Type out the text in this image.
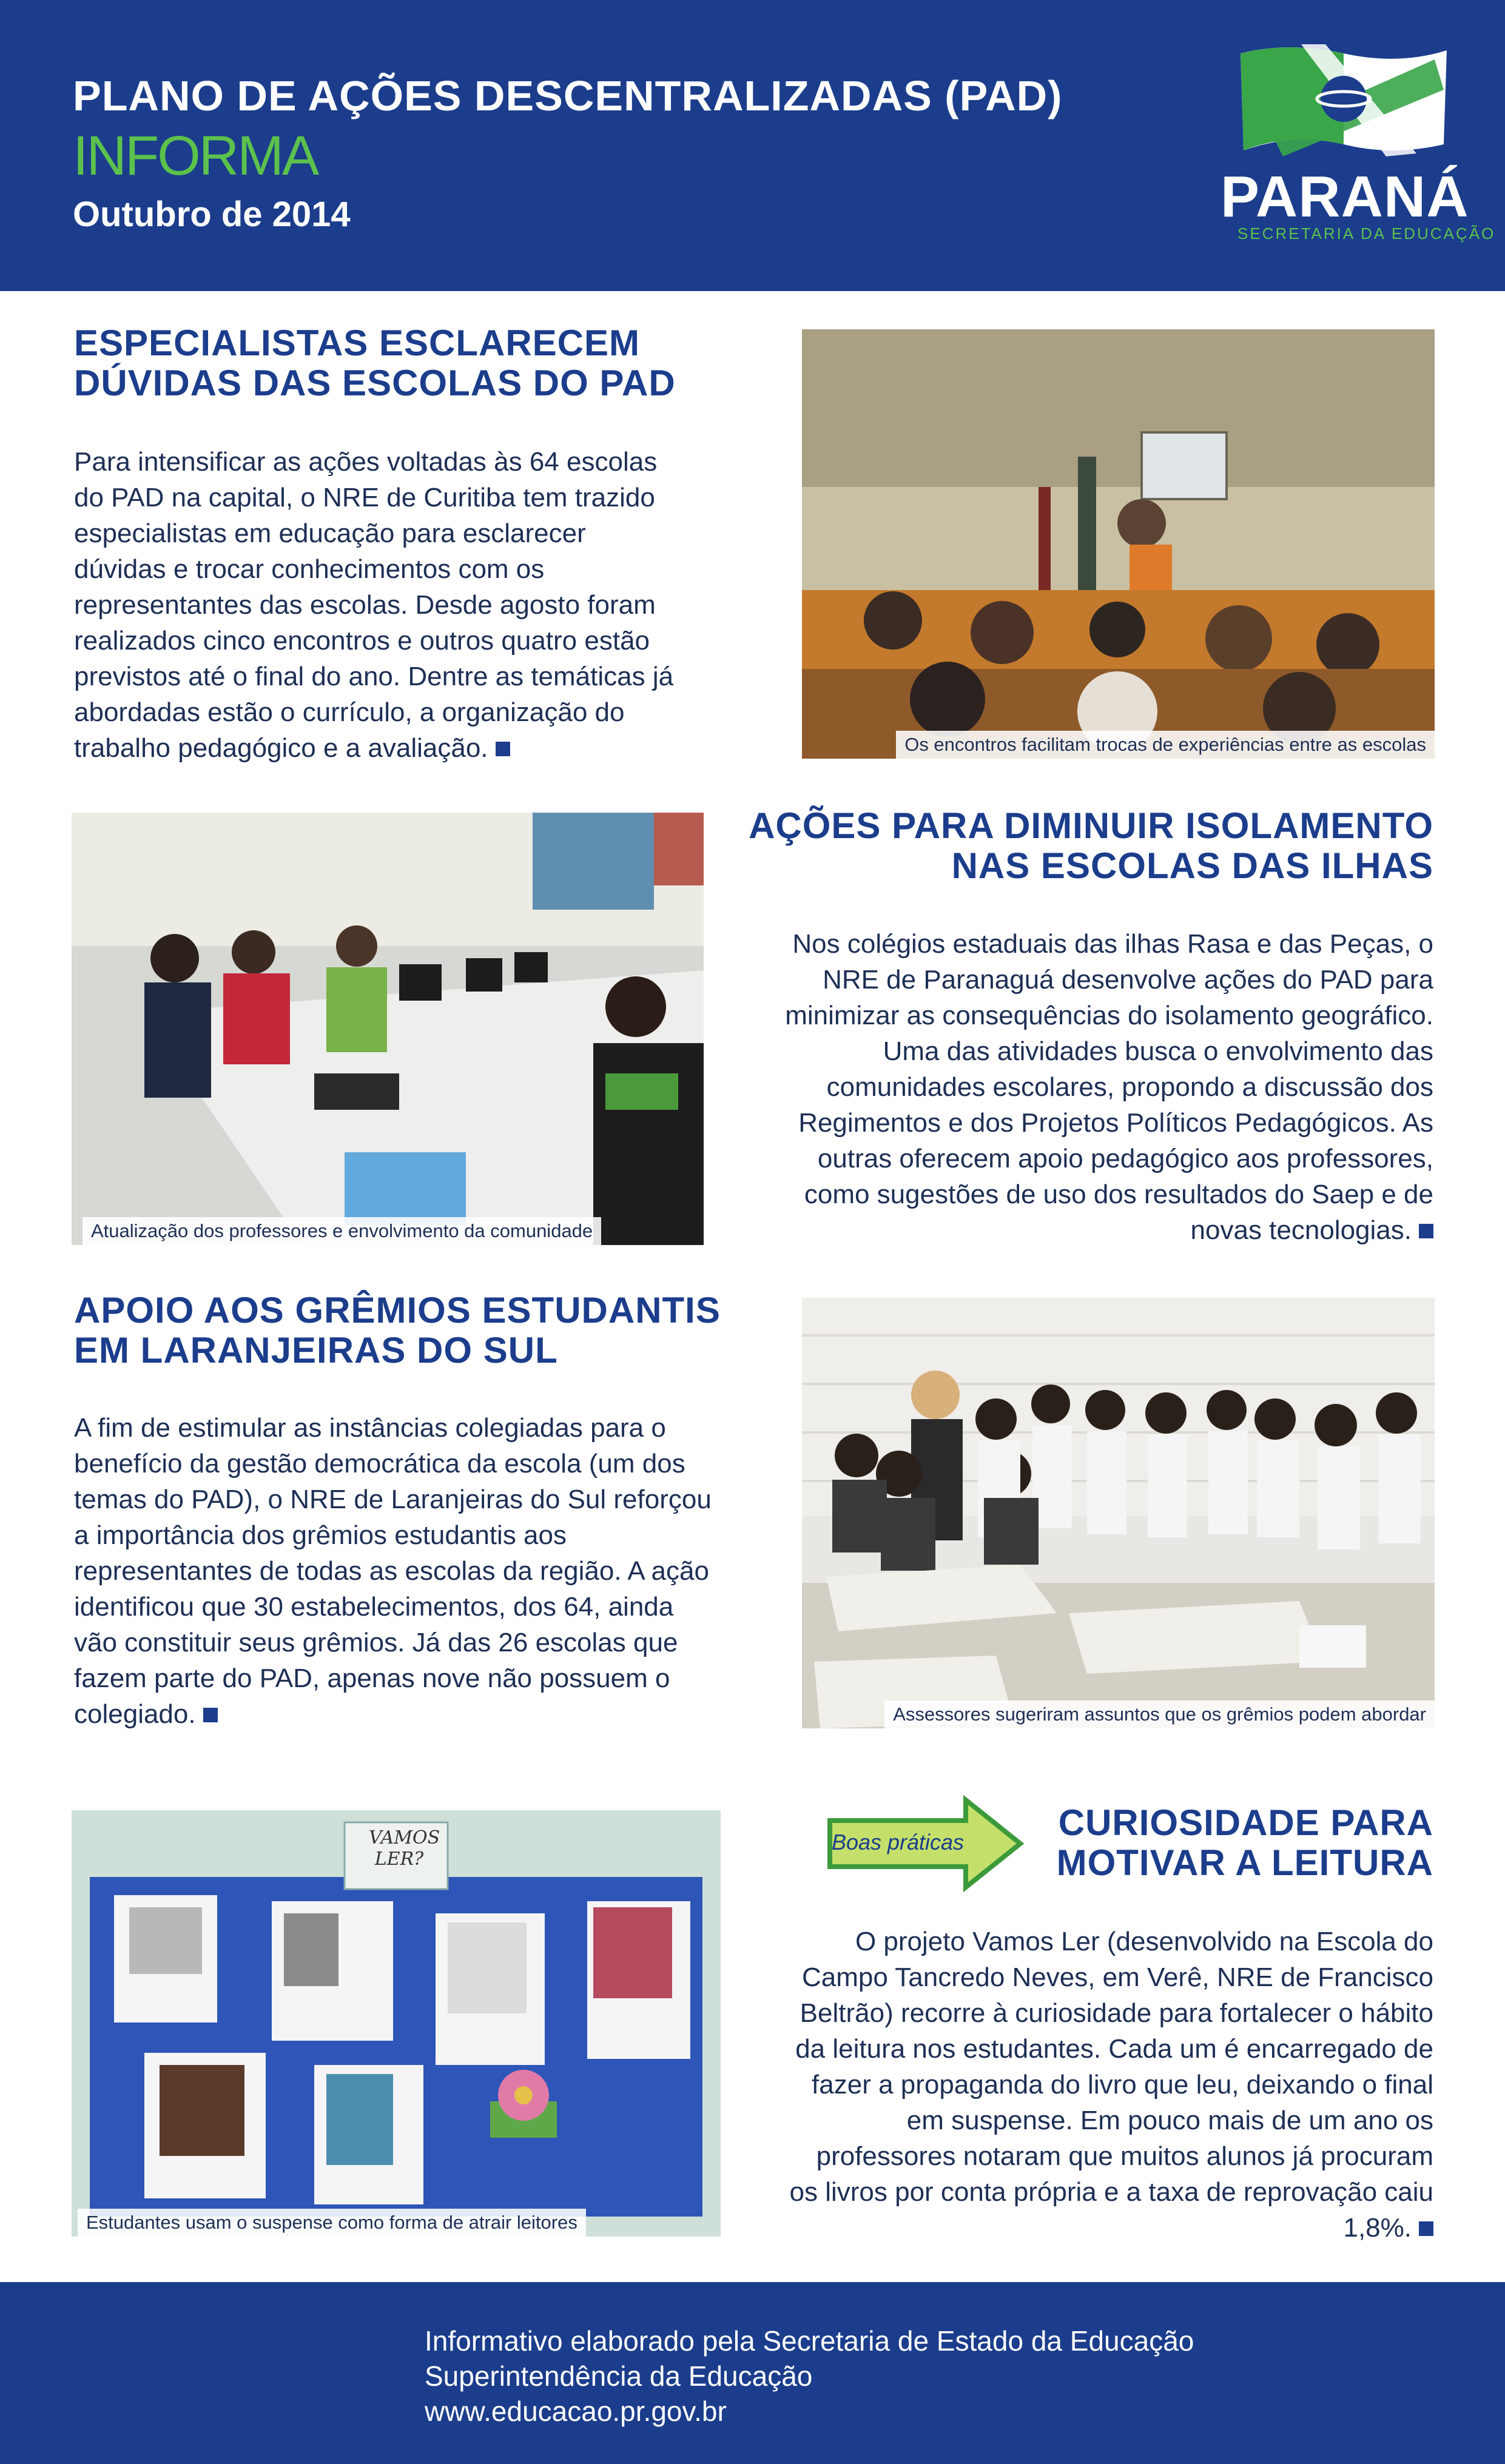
PLANO DE AÇÕES DESCENTRALIZADAS (PAD)
INFORMA
Outubro de 2014	PARANÁ
SECRETARIA DA EDUCAÇÃO
ESPECIALISTAS ESCLARECEM
DÚVIDAS DAS ESCOLAS DO PAD
Para intensificar as ações voltadas às 64 escolas do PAD na capital, o NRE de Curitiba tem trazido especialistas em educação para esclarecer dúvidas e trocar conhecimentos com os representantes das escolas. Desde agosto foram realizados cinco encontros e outros quatro estão previstos até o final do ano. Dentre as temáticas já abordadas estão o currículo, a organização do trabalho pedagógico e a avaliação.	Os encontros facilitam trocas de experiências entre as escolas
Atualização dos professores e envolvimento da comunidade
AÇÕES PARA DIMINUIR ISOLAMENTO
NAS ESCOLAS DAS ILHAS
Nos colégios estaduais das ilhas Rasa e das Peças, o NRE de Paranaguá desenvolve ações do PAD para minimizar as consequências do isolamento geográfico. Uma das atividades busca o envolvimento das comunidades escolares, propondo a discussão dos Regimentos e dos Projetos Políticos Pedagógicos. As outras oferecem apoio pedagógico aos professores, como sugestões de uso dos resultados do Saep e de novas tecnologias.
APOIO AOS GRÊMIOS ESTUDANTIS
EM LARANJEIRAS DO SUL
A fim de estimular as instâncias colegiadas para o benefício da gestão democrática da escola (um dos temas do PAD), o NRE de Laranjeiras do Sul reforçou a importância dos grêmios estudantis aos representantes de todas as escolas da região. A ação identificou que 30 estabelecimentos, dos 64, ainda vão constituir seus grêmios. Já das 26 escolas que fazem parte do PAD, apenas nove não possuem o colegiado.	Assessores sugeriram assuntos que os grêmios podem abordar
Boas práticas	CURIOSIDADE PARA
MOTIVAR A LEITURA
O projeto Vamos Ler (desenvolvido na Escola do Campo Tancredo Neves, em Verê, NRE de Francisco Beltrão) recorre à curiosidade para fortalecer o hábito da leitura nos estudantes. Cada um é encarregado de fazer a propaganda do livro que leu, deixando o final em suspense. Em pouco mais de um ano os professores notaram que muitos alunos já procuram os livros por conta própria e a taxa de reprovação caiu 1,8%.
VAMOS LER?
Estudantes usam o suspense como forma de atrair leitores
Informativo elaborado pela Secretaria de Estado da Educação
Superintendência da Educação
www.educacao.pr.gov.br
